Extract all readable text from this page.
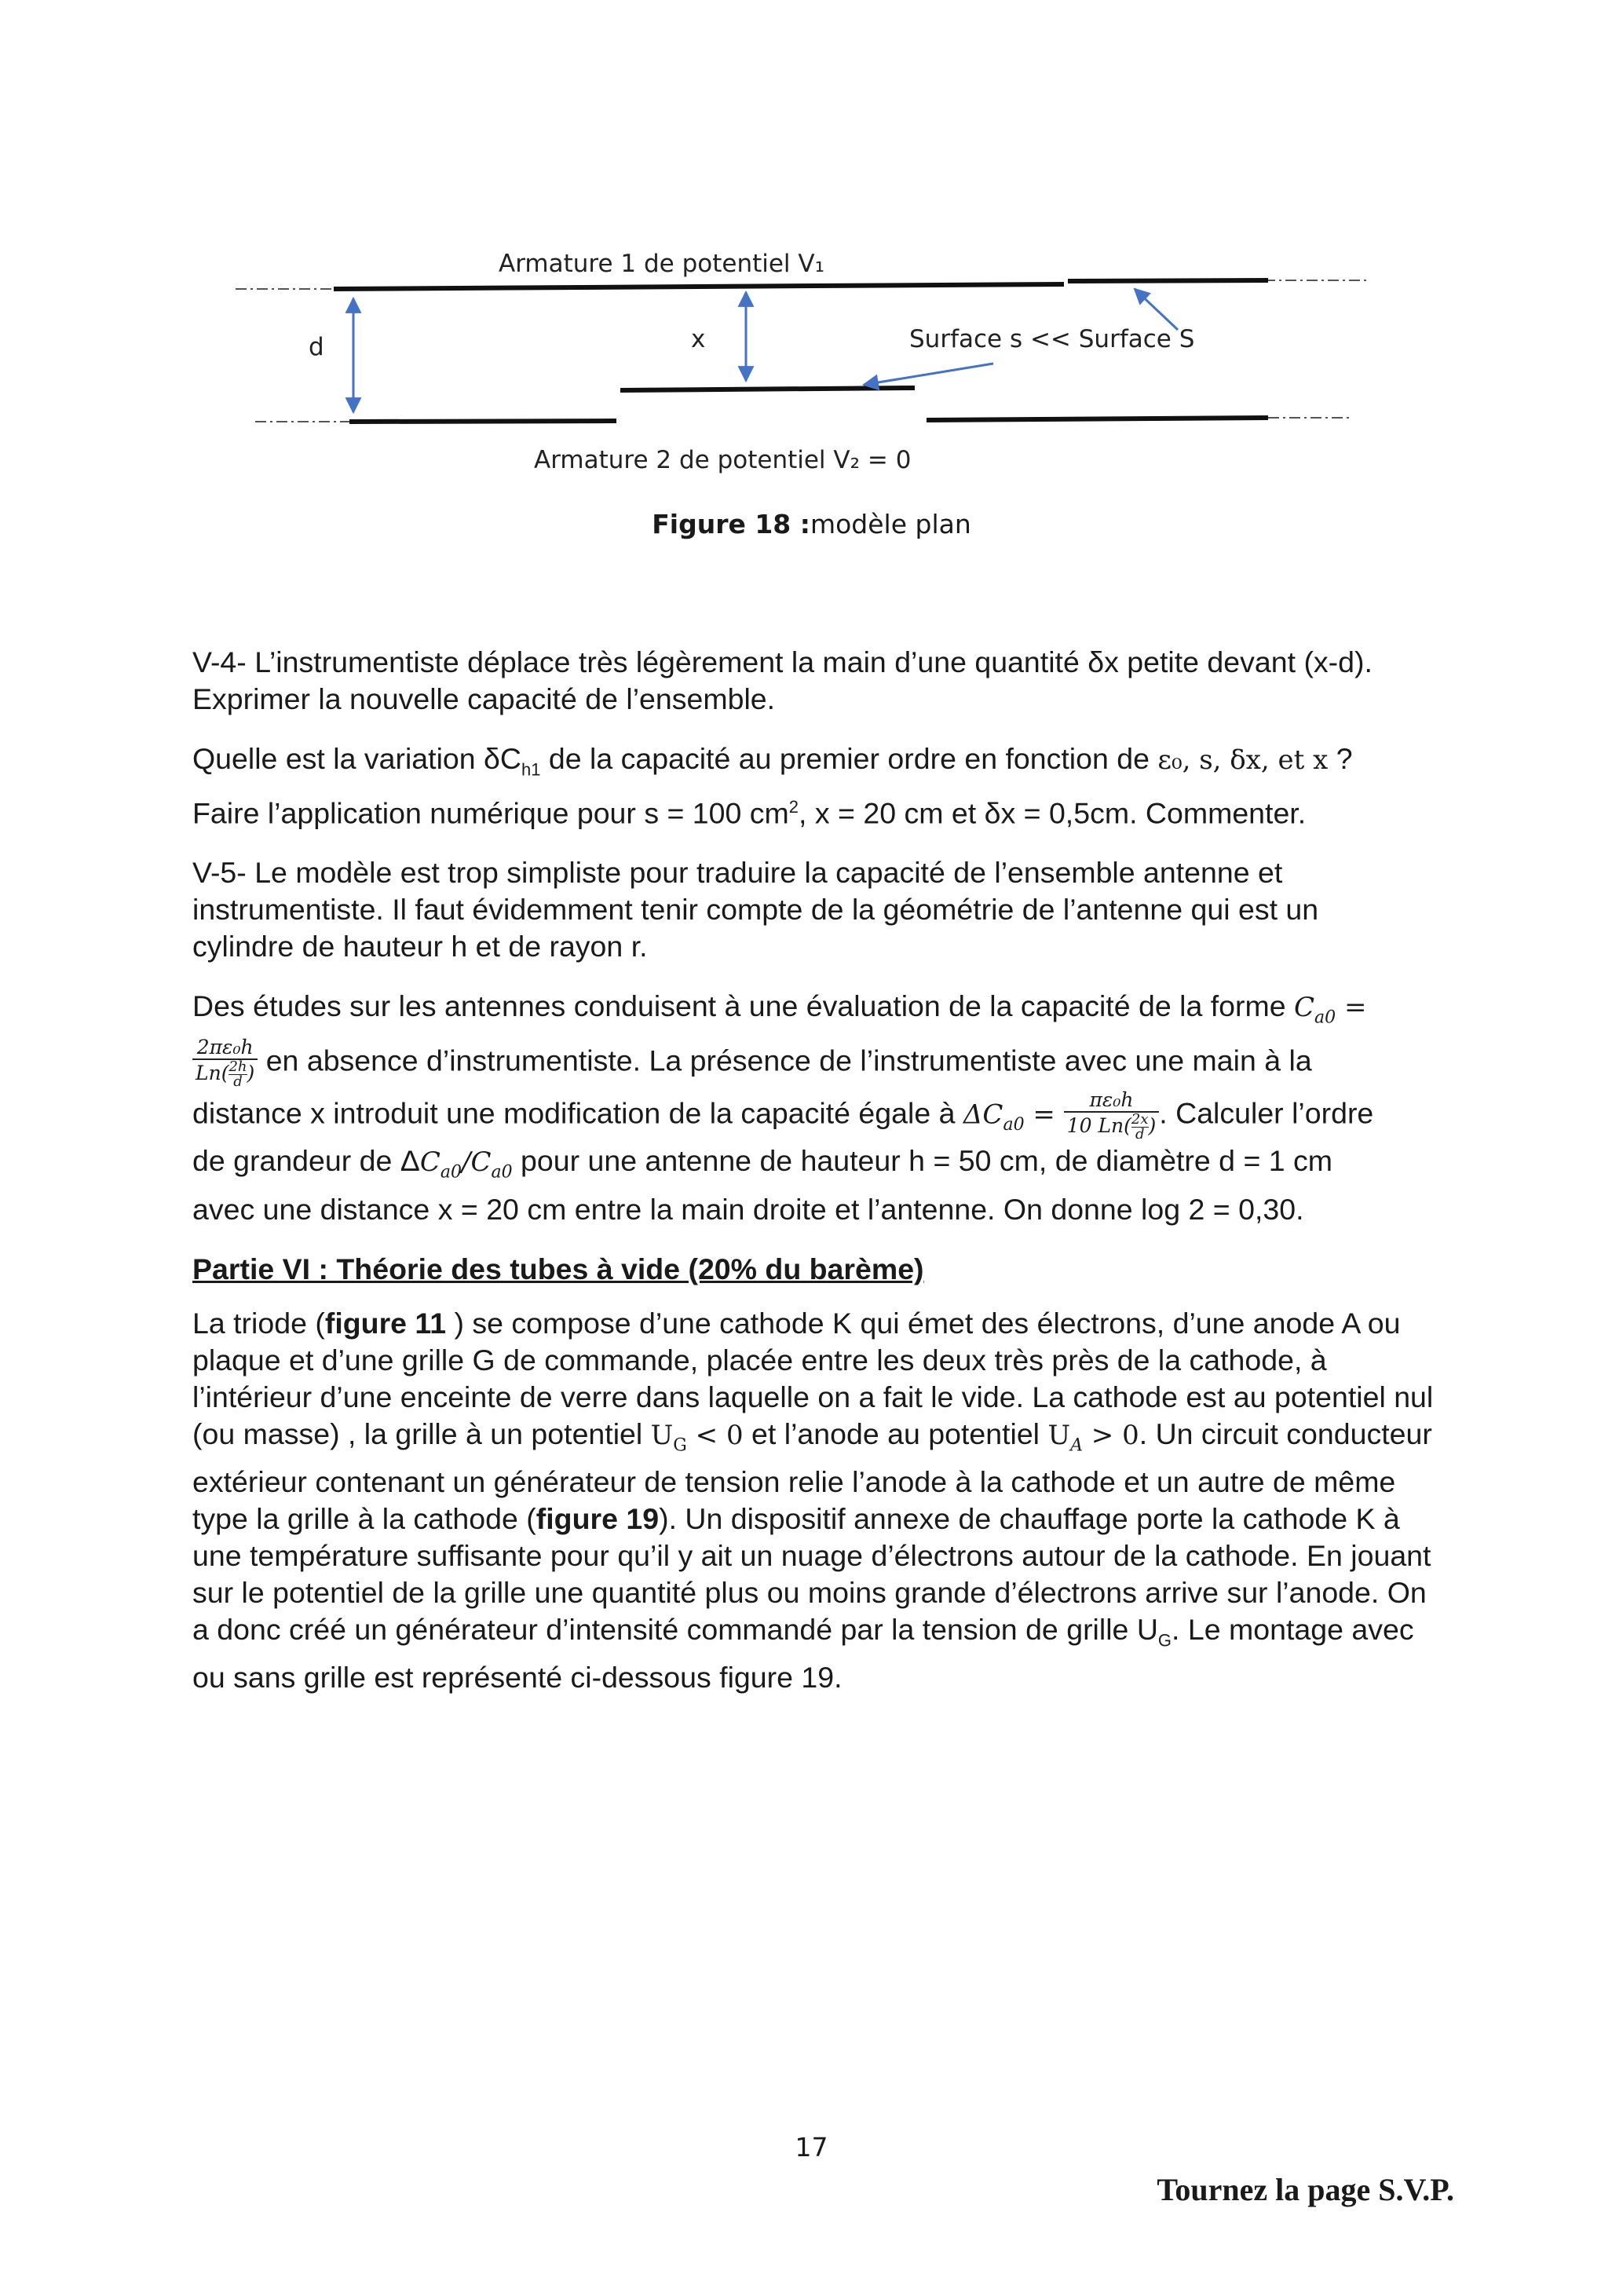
Armature 1 de potentiel V₁
d	x	Surface s << Surface S
Armature 2 de potentiel V₂ = 0
Figure 18 :modèle plan

V-4- L’instrumentiste déplace très légèrement la main d’une quantité δx petite devant (x-d).
Exprimer la nouvelle capacité de l’ensemble.

Quelle est la variation $\delta C_{h1}$ de la capacité au premier ordre en fonction de ε₀, s, δx, et x ?
Faire l’application numérique pour s = 100 $cm^2$, x = 20 cm et δx = 0,5cm. Commenter.

V-5- Le modèle est trop simpliste pour traduire la capacité de l’ensemble antenne et instrumentiste. Il faut évidemment tenir compte de la géométrie de l’antenne qui est un cylindre de hauteur h et de rayon r.

Des études sur les antennes conduisent à une évaluation de la capacité de la forme $C_{a0}$ =

$\frac{\text{2πε₀h}}{Ln( \frac{2h}{d} )}$ en absence d’instrumentiste. La présence de l’instrumentiste avec une main à la
distance x introduit une modification de la capacité égale à $\Delta C_{a0} = \frac{\text{πε₀h}}{10 Ln( \frac{2x}{d} )}$ . Calculer l’ordre
de grandeur de $\Delta C_{a0}/C_{a0}$ pour une antenne de hauteur h = 50 cm, de diamètre d = 1 cm
avec une distance x = 20 cm entre la main droite et l’antenne. On donne log 2 = 0,30.

Partie VI : Théorie des tubes à vide (20% du barème)

La triode (figure 11 ) se compose d’une cathode K qui émet des électrons, d’une anode A ou plaque et d’une grille G de commande, placée entre les deux très près de la cathode, à l’intérieur d’une enceinte de verre dans laquelle on a fait le vide. La cathode est au potentiel nul (ou masse) , la grille à un potentiel $U_G < 0$ et l’anode au potentiel $U_A > 0$. Un circuit conducteur extérieur contenant un générateur de tension relie l’anode à la cathode et un autre de même type la grille à la cathode (figure 19). Un dispositif annexe de chauffage porte la cathode K à une température suffisante pour qu’il y ait un nuage d’électrons autour de la cathode. En jouant sur le potentiel de la grille une quantité plus ou moins grande d’électrons arrive sur l’anode. On a donc créé un générateur d’intensité commandé par la tension de grille $U_G$. Le montage avec ou sans grille est représenté ci-dessous figure 19.

17
Tournez la page S.V.P.
